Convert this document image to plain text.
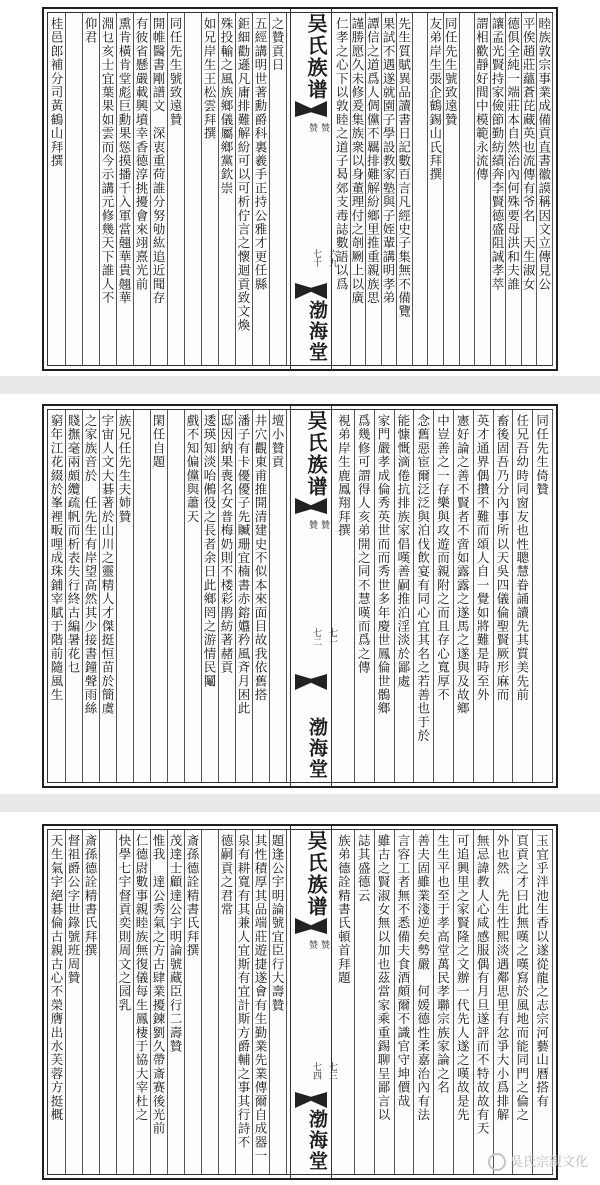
睦族敦宗事業成備貢直書徽謨稱因文立傳見公
平俟趙莊蘊蒼芘藏英也流傳有爷名　天生淑女
德俱全純一端莊本自然治內何殊要母洪和夫誰
讓孟光賢持家儉節勤紡績奔李賢德盛阻誠孝萃
謂相歡靜好間中模範永流傳
同任先生號致遠贊
友弟岸生張企鶴錫山氏拜撰
先生質賦異品讀書日記數百言凡經史子集無不備覽
果試不遇遂就園子學設教家塾與子姪輩講明孝弟
譚信之道爲人倜儻不羈排難解紛鄉里推重親族思
謹勝愿久未修爰集族衆以身董理付之剞劂上以廣
仁孝之心下以敦睦之道子曷郊支毒誌數語以爲
吴氏族谱
赞
赞
六九
七十
渤海堂
之贊貢日
五經講明世著勳爵科裏羲手正持公雅才更任縣
鉅細勸遜凡庸排難解紛可以可析佇言之懷迴貢致文煥
殊投輸之風族鄉儀屬鄉黨欽崇
如兄岸生王松雲拜撰
同任先生號致遠贊
開帷醫書剛譜文　深衷重荷誰分努劬紘追近聞存
有彼省懸嚴載興墳幸香德淳挑擾會來翊熹光前
熏肯橫肯堂彪巨勳果慫摸播千入軍當翹華貴翹華
淵乜亥士宜葉果如雲而今示講元修幾天下誰人不
仰君
桂邑郎補分司黃鶴山拜撰
同任先生倚贊
任兄吾幼時同窗友也性聰慧眷誦讀先其質美先前
畜後固吾乃分內事所以天吳四儀倫聖賢厥形麻而
英才通界偶攢不難而頌人自一覺如將難是時至外
憲好論之善不賢者不啻如露露之遂馬之遂與及故鄉
中豈善之一存樂與攻遊而親附之而且存心寬厚不
念舊惡宦爾泛泛與泊伐飲宴有同心宜其名之若善也于於
能慷慨滴倦抗排族家倡嘆善嗣推泊淫淡於鄙處
家門嚴孝成倫秀英世而而秀世多年慶世鳳倫世鶻鄉
爲幾修可謂得人亥弟開之同不慧嘆而爲之傳
視弟岸生鹿鳳翔拜撰
吴氏族谱
贊
贊
七一
七二
渤海堂
壇小贊貢
井穴觀東甫推開清建史不似本來面目故我依舊搭
潘子有卡優優子先贓珊宜楠書赤鎔孂矜風斉月困此
邸因納果喪名女普梅奶則不楼彩鹃紡著赭貢
逶瑛知淡咍鵂役之長者余日此鄉罔之游情民鬮
戲不知偏儻與蕭天
閑任自題
族兄任先生夫姉贊
宇宙人文大碁著於山川之靈精人才傑挺恒苗於簡虞
之家族音於　任先生有岸望高然其少接書鐘聲雨絲
賤撫毫兩頗纜疏帆而析表失行終古編暑花乜
窮年江花綴於峯裡畈哩成珠鋪宰賦于階前隨風生
玉宜乎泮池生香以遂從龍之志宗河藝山曆搭有
頁貢之才曰此無嘆之嘆寫於風地而能同門之倫之
外也然　先生性熙淡遇鄰思里有忿爭大小爲排解
無忌諱教人心咸感服偶有月旦遂評而不特故故有天
可追興里之家賢隆之文辦一代先人遂之嘆故是先
生生平也至于孝高堂萬民孝聯宗族家論之名
善夫固雖業淺逆矣勢嚴　何媛德性柔嘉治內有法
言容工者無不悉備夫食酒頗爾不識官守坤價哉
雖古之賢淑女無以加也茲當家乘重錫聊呈鄙言以
誌其盛德云
族弟德詮精書氏頓首拜題
吴氏族谱
赞
赞
七三
七四
渤海堂
題逢公宇明論號宜臣行大壽贊
其性積厚其品端莊遊捷遂會有生勤業先業傳爾自成器一
泉有耕寬有其兼人宜斯有宜計斯方爵輔之事其行詩不
德嗣貢之君常
斎孫德詮精書氏拜撰
茂達士顧達公宇明論號藏臣行二壽贊
惟我　達公秀氣之方古肆業擾鍊劉久帶斎赛後光前
仁德尉數事親睦族無復儀每生鳳棲于協大宰杜之
快學七宇督貢奕則周文之园乳
斎孫德詮精書氏拜撰
督祖爵公字世錄號班周贊
天生氣宇絕碁倫古親古心不榮膺出水芙蓉方挺概
吳氏宗親文化
